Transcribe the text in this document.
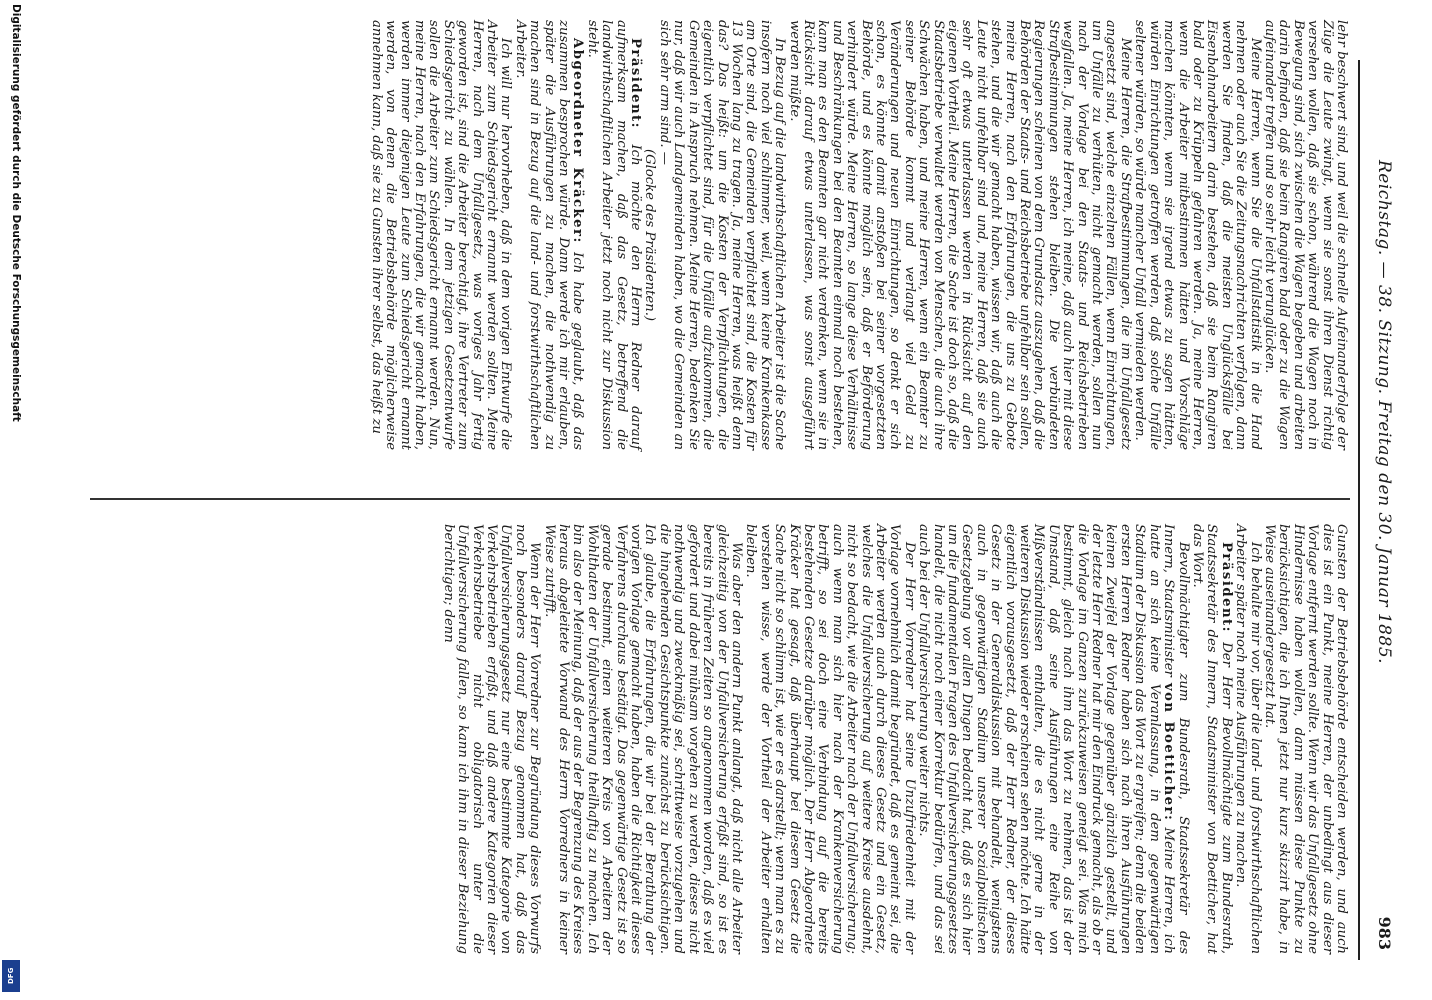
Reichstag. — 38. Sitzung. Freitag den 30. Januar 1885.
983

lehr beschwert sind, und weil die schnelle Aufeinanderfolge der Züge die Leute zwingt, wenn sie sonst ihren Dienst richtig versehen wollen, daß sie schon, während die Wagen noch in Bewegung sind, sich zwischen die Wagen begeben und arbeiten darin befinden, daß sie beim Rangiren bald oder zu die Wagen aufeinander treffen und so sehr leicht verunglücken.

Meine Herren, wenn Sie die Unfallstatistik in die Hand nehmen oder auch Sie die Zeitungsnachrichten verfolgen, dann werden Sie finden, daß die meisten Unglücksfälle bei Eisenbahnarbeitern darin bestehen, daß sie beim Rangiren bald oder zu Krüppeln gefahren werden. Ja, meine Herren, wenn die Arbeiter mitbestimmen hätten und Vorschläge machen könnten, wenn sie irgend etwas zu sagen hätten, würden Einrichtungen getroffen werden, daß solche Unfälle seltener würden, so würde mancher Unfall vermieden werden.

Meine Herren, die Strafbestimmungen, die im Unfallgesetz angesetzt sind, welche einzelnen Fällen, wenn Einrichtungen, um Unfälle zu verhüten, nicht gemacht werden, sollen nun nach der Vorlage bei den Staats- und Reichsbetrieben wegfallen. Ja, meine Herren, ich meine, daß auch hier mit diese Strafbestimmungen stehen bleiben. Die verbündeten Regierungen scheinen von dem Grundsatz auszugehen, daß die Behörden der Staats- und Reichsbetriebe unfehlbar sein sollen, meine Herren, nach den Erfahrungen, die uns zu Gebote stehen, und die wir gemacht haben, wissen wir, daß auch die Leute nicht unfehlbar sind und, meine Herren, daß sie auch sehr oft etwas unterlassen werden in Rücksicht auf den eigenen Vortheil. Meine Herren, die Sache ist doch so, daß die Staatsbetriebe verwaltet werden von Menschen, die auch ihre Schwächen haben, und meine Herren, wenn ein Beamter zu seiner Behörde kommt und verlangt viel Geld zu Veränderungen und neuen Einrichtungen, so denkt er sich schon, es könnte damit anstoßen bei seiner vorgesetzten Behörde, und es könnte möglich sein, daß er Beförderung verhindert würde. Meine Herren, so lange diese Verhältnisse und Beschränkungen bei den Beamten einmal noch bestehen, kann man es den Beamten gar nicht verdenken, wenn sie in Rücksicht darauf etwas unterlassen, was sonst ausgeführt werden müßte.

In Bezug auf die landwirthschaftlichen Arbeiter ist die Sache insofern noch viel schlimmer, weil, wenn keine Krankenkasse am Orte sind, die Gemeinden verpflichtet sind, die Kosten für 13 Wochen lang zu tragen. Ja, meine Herren, was heißt denn das? Das heißt: um die Kosten der Verpflichtungen, die eigentlich verpflichtet sind, für die Unfälle aufzukommen, die Gemeinden in Anspruch nehmen. Meine Herren, bedenken Sie nur, daß wir auch Landgemeinden haben, wo die Gemeinden an sich sehr arm sind. —

(Glocke des Präsidenten.)

Präsident: Ich möchte den Herrn Redner darauf aufmerksam machen, daß das Gesetz, betreffend die landwirthschaftlichen Arbeiter jetzt noch nicht zur Diskussion steht.

Abgeordneter Kräcker: Ich habe geglaubt, daß das zusammen besprochen würde. Dann werde ich mir erlauben, später die Ausführungen zu machen, die nothwendig zu machen sind in Bezug auf die land- und forstwirthschaftlichen Arbeiter.

Ich will nur hervorheben, daß in dem vorigen Entwurfe die Arbeiter zum Schiedsgericht ernannt werden sollten. Meine Herren, nach dem Unfallgesetz, was voriges Jahr fertig geworden ist, sind die Arbeiter berechtigt, ihre Vertreter zum Schiedsgericht zu wählen. In dem jetzigen Gesetzentwurfe sollen die Arbeiter zum Schiedsgericht ernannt werden. Nun, meine Herren, nach den Erfahrungen, die wir gemacht haben, werden immer diejenigen Leute zum Schiedsgericht ernannt werden, von denen die Betriebsbehörde möglicherweise annehmen kann, daß sie zu Gunsten ihrer selbst, das heißt zu

Gunsten der Betriebsbehörde entscheiden werden, und auch dies ist ein Punkt, meine Herren, der unbedingt aus dieser Vorlage entfernt werden sollte. Wenn wir das Unfallgesetz ohne Hindernisse haben wollen, dann müssen diese Punkte zu berücksichtigen, die ich Ihnen jetzt nur kurz skizzirt habe, in Weise auseinandergesetzt hat.

Ich behalte mir vor, über die land- und forstwirthschaftlichen Arbeiter später noch meine Ausführungen zu machen.

Präsident: Der Herr Bevollmächtigte zum Bundesrath, Staatssekretär des Innern, Staatsminister von Boetticher, hat das Wort.

Bevollmächtigter zum Bundesrath, Staatssekretär des Innern, Staatsminister von Boetticher: Meine Herren, ich hatte an sich keine Veranlassung, in dem gegenwärtigen Stadium der Diskussion das Wort zu ergreifen; denn die beiden ersten Herren Redner haben sich nach ihren Ausführungen keinen Zweifel der Vorlage gegenüber gänzlich gestellt, und der letzte Herr Redner hat mir den Eindruck gemacht, als ob er die Vorlage im Ganzen zurückzuweisen geneigt sei. Was mich bestimmt, gleich nach ihm das Wort zu nehmen, das ist der Umstand, daß seine Ausführungen eine Reihe von Mißverständnissen enthalten, die es nicht gerne in der weiteren Diskussion wieder erscheinen sehen möchte. Ich hätte eigentlich vorausgesetzt, daß der Herr Redner, der dieses Gesetz in der Generaldiskussion mit behandelt, wenigstens auch in gegenwärtigen Stadium unserer Sozialpolitischen Gesetzgebung vor allen Dingen bedacht hat, daß es sich hier um die fundamentalen Fragen des Unfallversicherungsgesetzes handelt, die nicht noch einer Korrektur bedürfen, und das sei auch bei der Unfallversicherung weiter nichts.

Der Herr Vorredner hat seine Unzufriedenheit mit der Vorlage vornehmlich damit begründet, daß es gemeint sei, die Arbeiter werden auch durch dieses Gesetz und ein Gesetz, welches die Unfallversicherung auf weitere Kreise ausdehnt, nicht so bedacht, wie die Arbeiter nach der Unfallversicherung; auch wenn man sich hier nach der Krankenversicherung betrifft, so sei doch eine Verbindung auf die bereits bestehenden Gesetze darüber möglich. Der Herr Abgeordnete Kräcker hat gesagt, daß überhaupt bei diesem Gesetz die Sache nicht so schlimm ist, wie er es darstellt; wenn man es zu verstehen wisse, werde der Vortheil der Arbeiter erhalten bleiben.

Was aber den andern Punkt anlangt, daß nicht alle Arbeiter gleichzeitig von der Unfallversicherung erfaßt sind, so ist es bereits in früheren Zeiten so angenommen worden, daß es viel gefordert und dabei mühsam vorgehen zu werden, dieses nicht nothwendig und zweckmäßig sei, schrittweise vorzugehen und die hingehenden Gesichtspunkte zunächst zu berücksichtigen. Ich glaube, die Erfahrungen, die wir bei der Berathung der vorigen Vorlage gemacht haben, haben die Richtigkeit dieses Verfahrens durchaus bestätigt. Das gegenwärtige Gesetz ist so gerade bestimmt, einen weiteren Kreis von Arbeitern der Wohlthaten der Unfallversicherung theilhaftig zu machen. Ich bin also der Meinung, daß der aus der Begrenzung des Kreises heraus abgeleitete Vorwand des Herrn Vorredners in keiner Weise zutrifft.

Wenn der Herr Vorredner zur Begründung dieses Vorwurfs noch besonders darauf Bezug genommen hat, daß das Unfallversicherungsgesetz nur eine bestimmte Kategorie von Verkehrsbetrieben erfaßt, und daß andere Kategorien dieser Verkehrsbetriebe nicht obligatorisch unter die Unfallversicherung fallen, so kann ich ihm in dieser Beziehung berichtigen; denn

Digitalisierung gefördert durch die Deutsche Forschungsgemeinschaft
DFG
